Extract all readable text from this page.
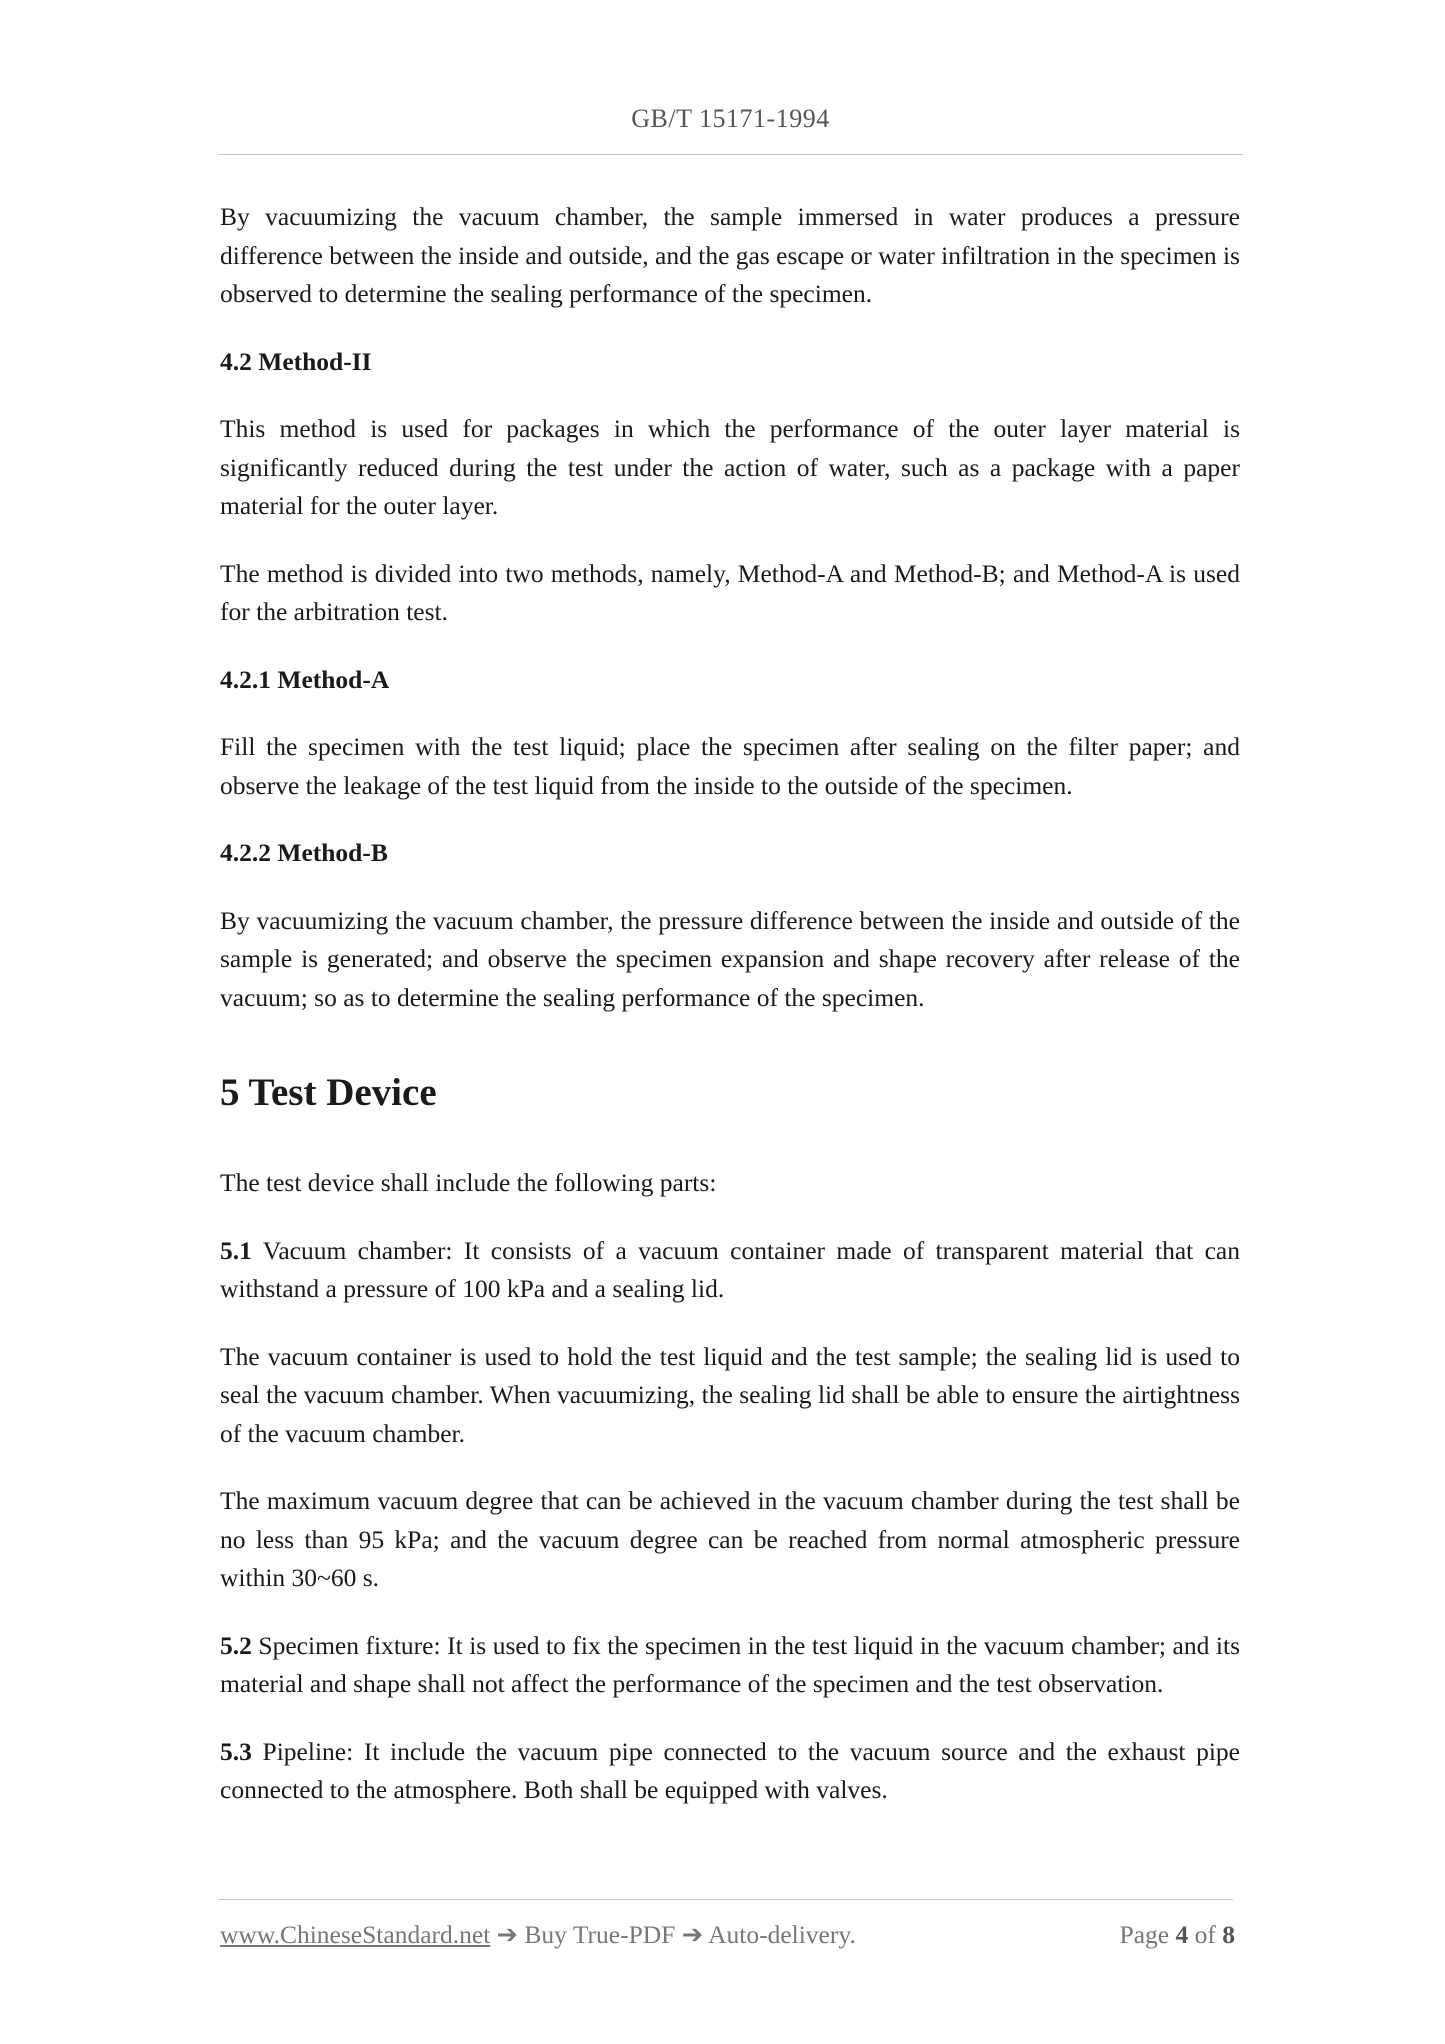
GB/T 15171-1994

By vacuumizing the vacuum chamber, the sample immersed in water produces a pressure difference between the inside and outside, and the gas escape or water infiltration in the specimen is observed to determine the sealing performance of the specimen.

4.2 Method-II

This method is used for packages in which the performance of the outer layer material is significantly reduced during the test under the action of water, such as a package with a paper material for the outer layer.

The method is divided into two methods, namely, Method-A and Method-B; and Method-A is used for the arbitration test.

4.2.1 Method-A

Fill the specimen with the test liquid; place the specimen after sealing on the filter paper; and observe the leakage of the test liquid from the inside to the outside of the specimen.

4.2.2 Method-B

By vacuumizing the vacuum chamber, the pressure difference between the inside and outside of the sample is generated; and observe the specimen expansion and shape recovery after release of the vacuum; so as to determine the sealing performance of the specimen.

5 Test Device

The test device shall include the following parts:

5.1 Vacuum chamber: It consists of a vacuum container made of transparent material that can withstand a pressure of 100 kPa and a sealing lid.

The vacuum container is used to hold the test liquid and the test sample; the sealing lid is used to seal the vacuum chamber. When vacuumizing, the sealing lid shall be able to ensure the airtightness of the vacuum chamber.

The maximum vacuum degree that can be achieved in the vacuum chamber during the test shall be no less than 95 kPa; and the vacuum degree can be reached from normal atmospheric pressure within 30~60 s.

5.2 Specimen fixture: It is used to fix the specimen in the test liquid in the vacuum chamber; and its material and shape shall not affect the performance of the specimen and the test observation.

5.3 Pipeline: It include the vacuum pipe connected to the vacuum source and the exhaust pipe connected to the atmosphere. Both shall be equipped with valves.

www.ChineseStandard.net ➔ Buy True-PDF ➔ Auto-delivery.	Page 4 of 8
